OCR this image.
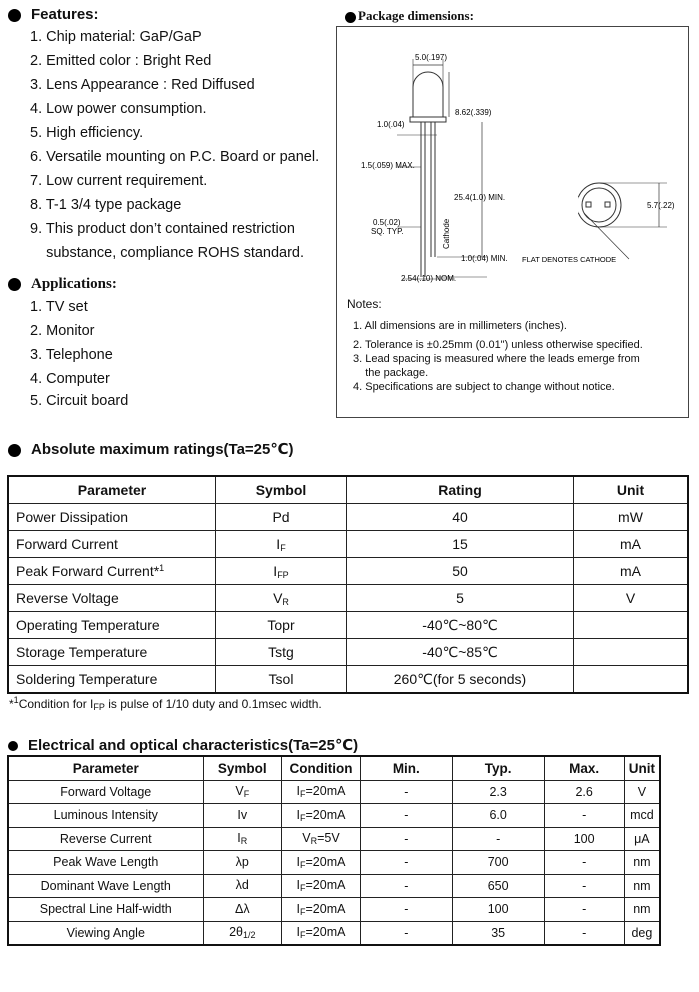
Features:
1. Chip material: GaP/GaP
2. Emitted color : Bright Red
3. Lens Appearance : Red Diffused
4. Low power consumption.
5. High efficiency.
6. Versatile mounting on P.C. Board or panel.
7. Low current requirement.
8. T-1 3/4 type package
9. This product don’t contained restriction
substance, compliance ROHS standard.
Applications:
1. TV set
2. Monitor
3. Telephone
4. Computer
5. Circuit board
Package dimensions:
5.0(.197)
8.62(.339)
1.0(.04)
1.5(.059) MAX.
25.4(1.0) MIN.
0.5(.02)
SQ. TYP.	Cathode
1.0(.04) MIN.
2.54(.10) NOM.
5.7(.22)
FLAT DENOTES CATHODE
Notes:
1. All dimensions are in millimeters (inches).
2. Tolerance is ±0.25mm (0.01") unless otherwise specified.
3. Lead spacing is measured where the leads emerge from
the package.
4. Specifications are subject to change without notice.
Absolute maximum ratings(Ta=25℃)
Parameter	Symbol	Rating	Unit
Power Dissipation	Pd	40	mW
Forward Current	$I_F$	15	mA
Peak Forward Current*$^1$	$I_{FP}$	50	mA
Reverse Voltage	$V_R$	5	V
Operating Temperature	Topr	-40℃~80℃	
Storage Temperature	Tstg	-40℃~85℃	
Soldering Temperature	Tsol	260℃(for 5 seconds)	
*$^1$Condition for $I_{FP}$ is pulse of 1/10 duty and 0.1msec width.
Electrical and optical characteristics(Ta=25℃)
Parameter	Symbol	Condition	Min.	Typ.	Max.	Unit
Forward Voltage	$V_F$	$I_F=20mA$	-	2.3	2.6	V
Luminous Intensity	Iv	$I_F=20mA$	-	6.0	-	mcd
Reverse Current	$I_R$	$V_R=5V$	-	-	100	μA
Peak Wave Length	λp	$I_F=20mA$	-	700	-	nm
Dominant Wave Length	λd	$I_F=20mA$	-	650	-	nm
Spectral Line Half-width	Δλ	$I_F=20mA$	-	100	-	nm
Viewing Angle	$2\theta_{1/2}$	$I_F=20mA$	-	35	-	deg
